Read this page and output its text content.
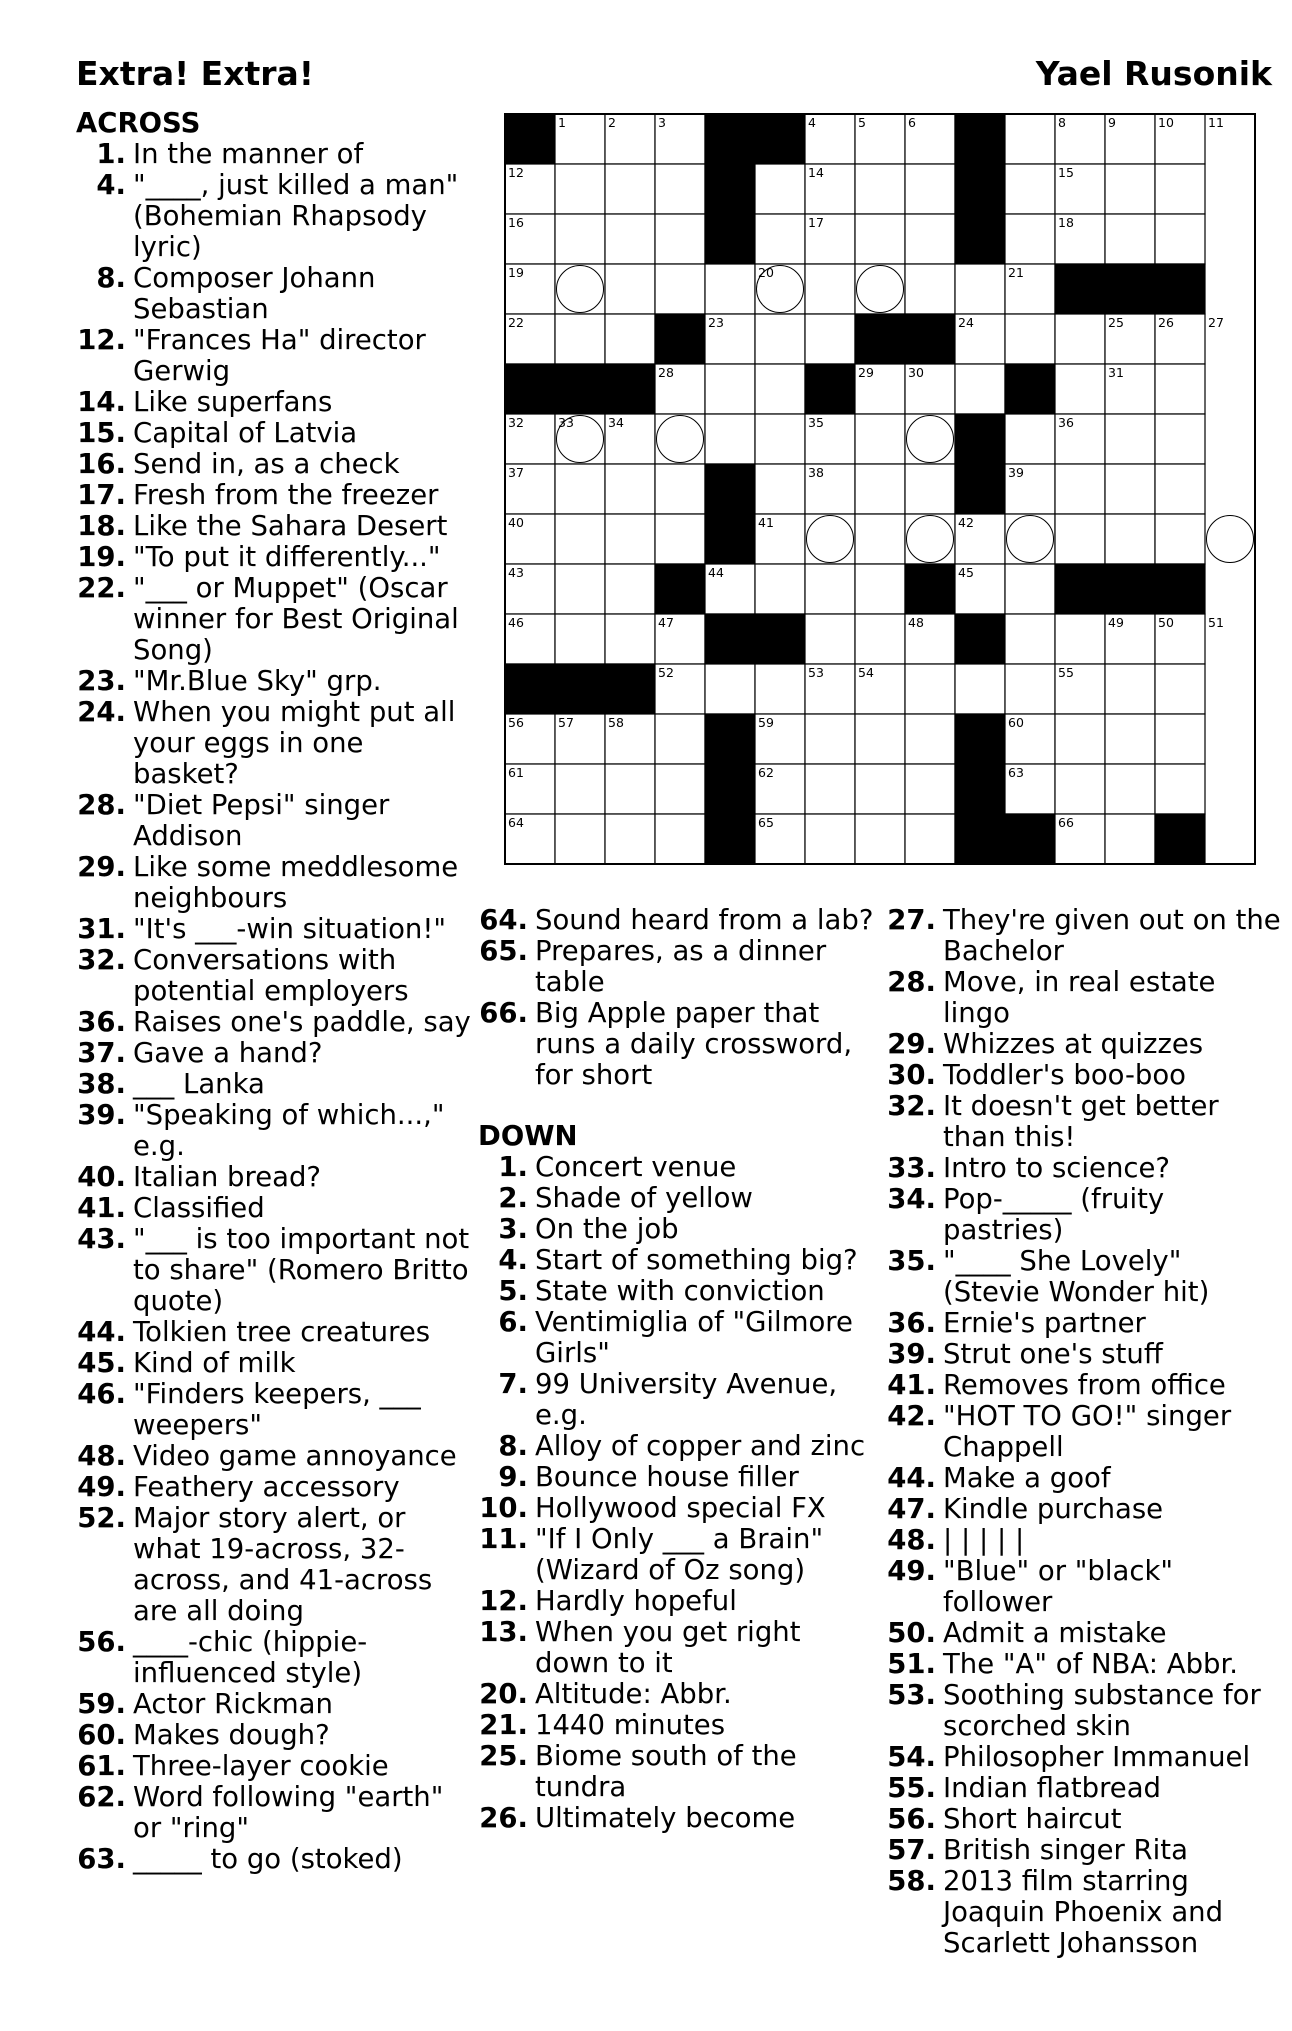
Extra! Extra!	Yael Rusonik
1	2	3	4	5	6	7	8	9	10	11
12	13	14	15
16	17	18
19	20	21
22	23	24	25	26	27
28	29	30	31
32	33	34	35	36
37	38	39
40	41	42
43	44	45
46	47	48	49	50	51
52	53	54	55
56	57	58	59	60
61	62	63
64	65	66
ACROSS
1. In the manner of
4. "____, just killed a man" (Bohemian Rhapsody lyric)
8. Composer Johann Sebastian
12. "Frances Ha" director Gerwig
14. Like superfans
15. Capital of Latvia
16. Send in, as a check
17. Fresh from the freezer
18. Like the Sahara Desert
19. "To put it differently..."
22. "___ or Muppet" (Oscar winner for Best Original Song)
23. "Mr.Blue Sky" grp.
24. When you might put all your eggs in one basket?
28. "Diet Pepsi" singer Addison
29. Like some meddlesome neighbours
31. "It's ___-win situation!"
32. Conversations with potential employers
36. Raises one's paddle, say
37. Gave a hand?
38. ___ Lanka
39. "Speaking of which...," e.g.
40. Italian bread?
41. Classified
43. "___ is too important not to share" (Romero Britto quote)
44. Tolkien tree creatures
45. Kind of milk
46. "Finders keepers, ___ weepers"
48. Video game annoyance
49. Feathery accessory
52. Major story alert, or what 19-across, 32-across, and 41-across are all doing
56. ____-chic (hippie-influenced style)
59. Actor Rickman
60. Makes dough?
61. Three-layer cookie
62. Word following "earth" or "ring"
63. _____ to go (stoked)
64. Sound heard from a lab?
65. Prepares, as a dinner table
66. Big Apple paper that runs a daily crossword, for short
DOWN
1. Concert venue
2. Shade of yellow
3. On the job
4. Start of something big?
5. State with conviction
6. Ventimiglia of "Gilmore Girls"
7. 99 University Avenue, e.g.
8. Alloy of copper and zinc
9. Bounce house filler
10. Hollywood special FX
11. "If I Only ___ a Brain" (Wizard of Oz song)
12. Hardly hopeful
13. When you get right down to it
20. Altitude: Abbr.
21. 1440 minutes
25. Biome south of the tundra
26. Ultimately become
27. They're given out on the Bachelor
28. Move, in real estate lingo
29. Whizzes at quizzes
30. Toddler's boo-boo
32. It doesn't get better than this!
33. Intro to science?
34. Pop-_____ (fruity pastries)
35. "____ She Lovely" (Stevie Wonder hit)
36. Ernie's partner
39. Strut one's stuff
41. Removes from office
42. "HOT TO GO!" singer Chappell
44. Make a goof
47. Kindle purchase
48. | | | | |
49. "Blue" or "black" follower
50. Admit a mistake
51. The "A" of NBA: Abbr.
53. Soothing substance for scorched skin
54. Philosopher Immanuel
55. Indian flatbread
56. Short haircut
57. British singer Rita
58. 2013 film starring Joaquin Phoenix and Scarlett Johansson
